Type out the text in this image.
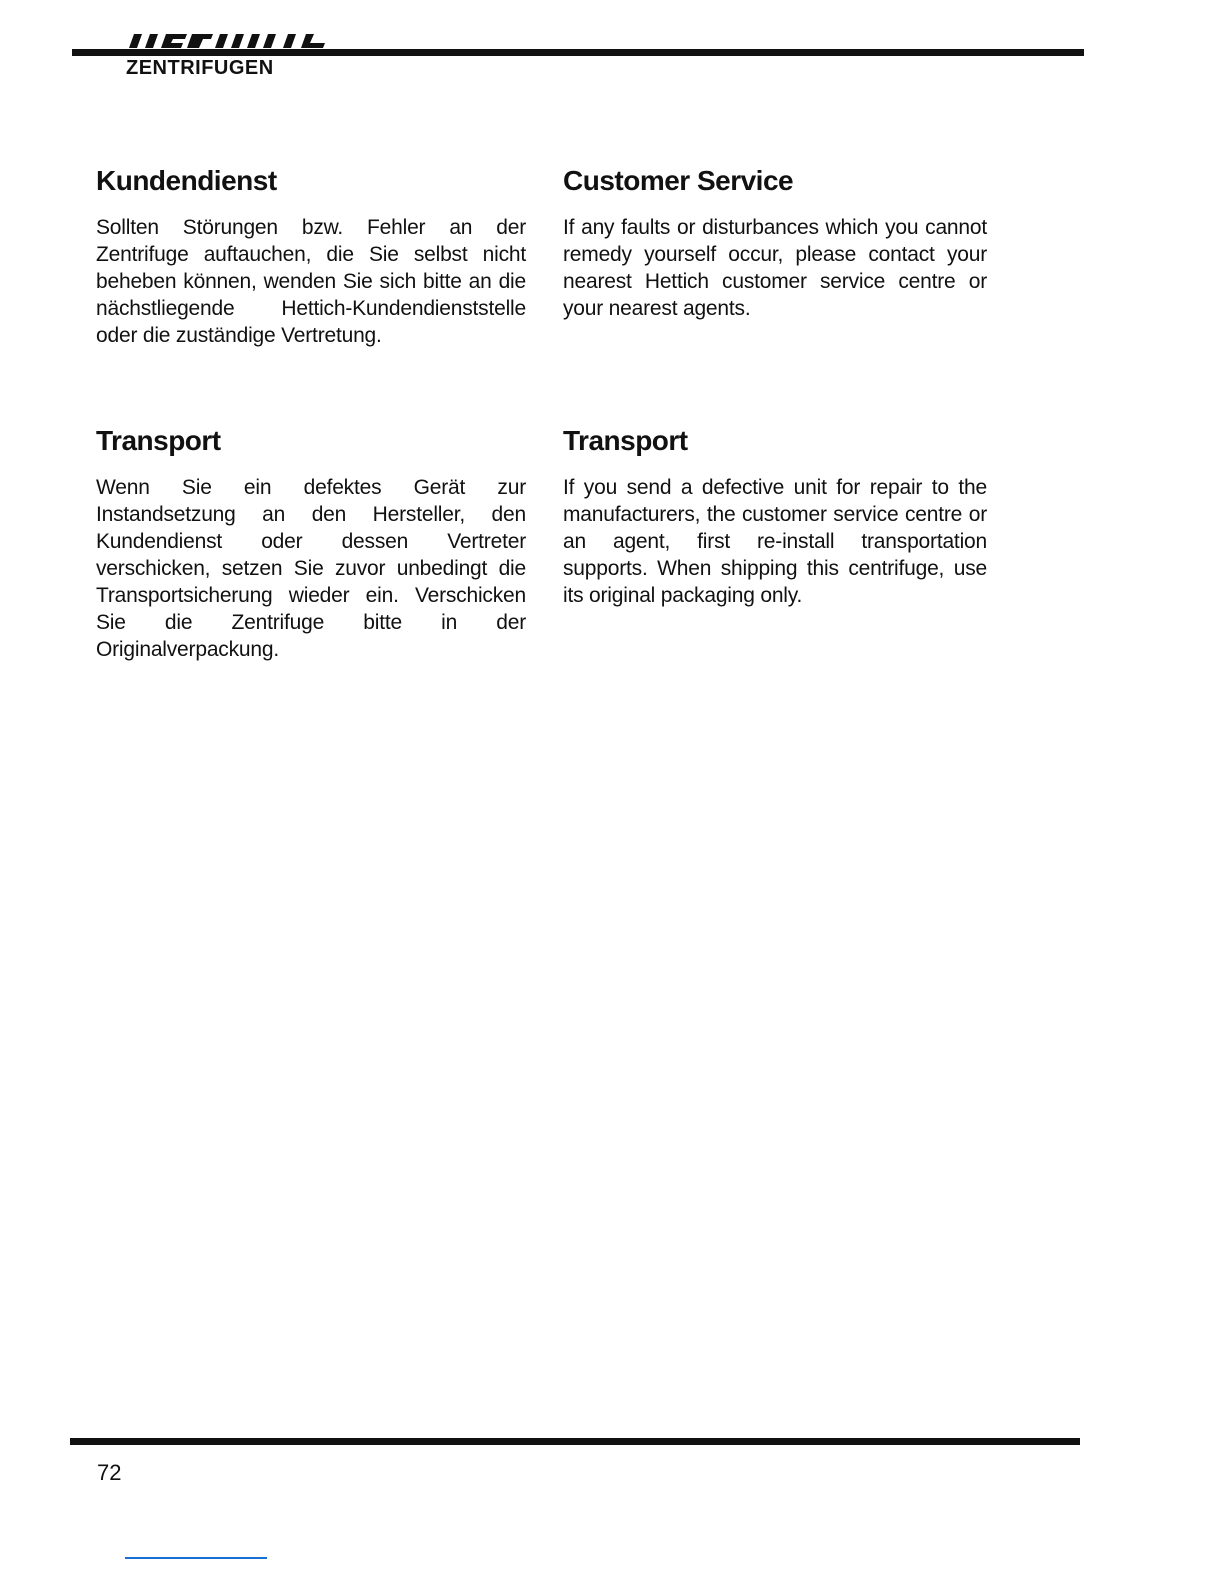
ZENTRIFUGEN
Kundendienst

Sollten Störungen bzw. Fehler an der Zentrifuge auftauchen, die Sie selbst nicht beheben können, wenden Sie sich bitte an die nächstliegende Hettich-Kundendienststelle oder die zuständige Vertretung.

Customer Service

If any faults or disturbances which you cannot remedy yourself occur, please contact your nearest Hettich customer service centre or your nearest agents.

Transport

Wenn Sie ein defektes Gerät zur Instandsetzung an den Hersteller, den Kundendienst oder dessen Vertreter verschicken, setzen Sie zuvor unbedingt die Transportsicherung wieder ein. Verschicken Sie die Zentrifuge bitte in der Originalverpackung.

Transport

If you send a defective unit for repair to the manufacturers, the customer service centre or an agent, first re-install transportation supports. When shipping this centrifuge, use its original packaging only.

72
